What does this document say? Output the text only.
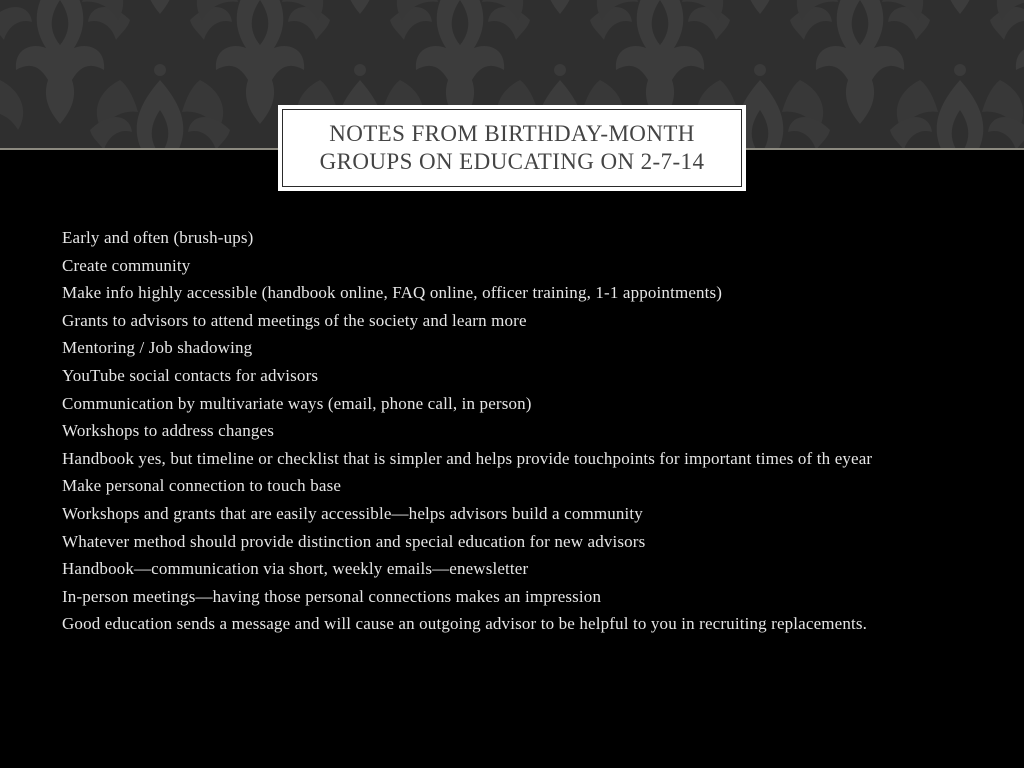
NOTES FROM BIRTHDAY-MONTH
GROUPS ON EDUCATING ON 2-7-14
Early and often (brush-ups)
Create community
Make info highly accessible (handbook online, FAQ online, officer training, 1-1 appointments)
Grants to advisors to attend meetings of the society and learn more
Mentoring / Job shadowing
YouTube social contacts for advisors
Communication by multivariate ways (email, phone call, in person)
Workshops to address changes
Handbook yes, but timeline or checklist that is simpler and helps provide touchpoints for important times of th eyear
Make personal connection to touch base
Workshops and grants that are easily accessible—helps advisors build a community
Whatever method should provide distinction and special education for new advisors
Handbook—communication via short, weekly emails—enewsletter
In-person meetings—having those personal connections makes an impression
Good education sends a message and will cause an outgoing advisor to be helpful to you in recruiting replacements.
